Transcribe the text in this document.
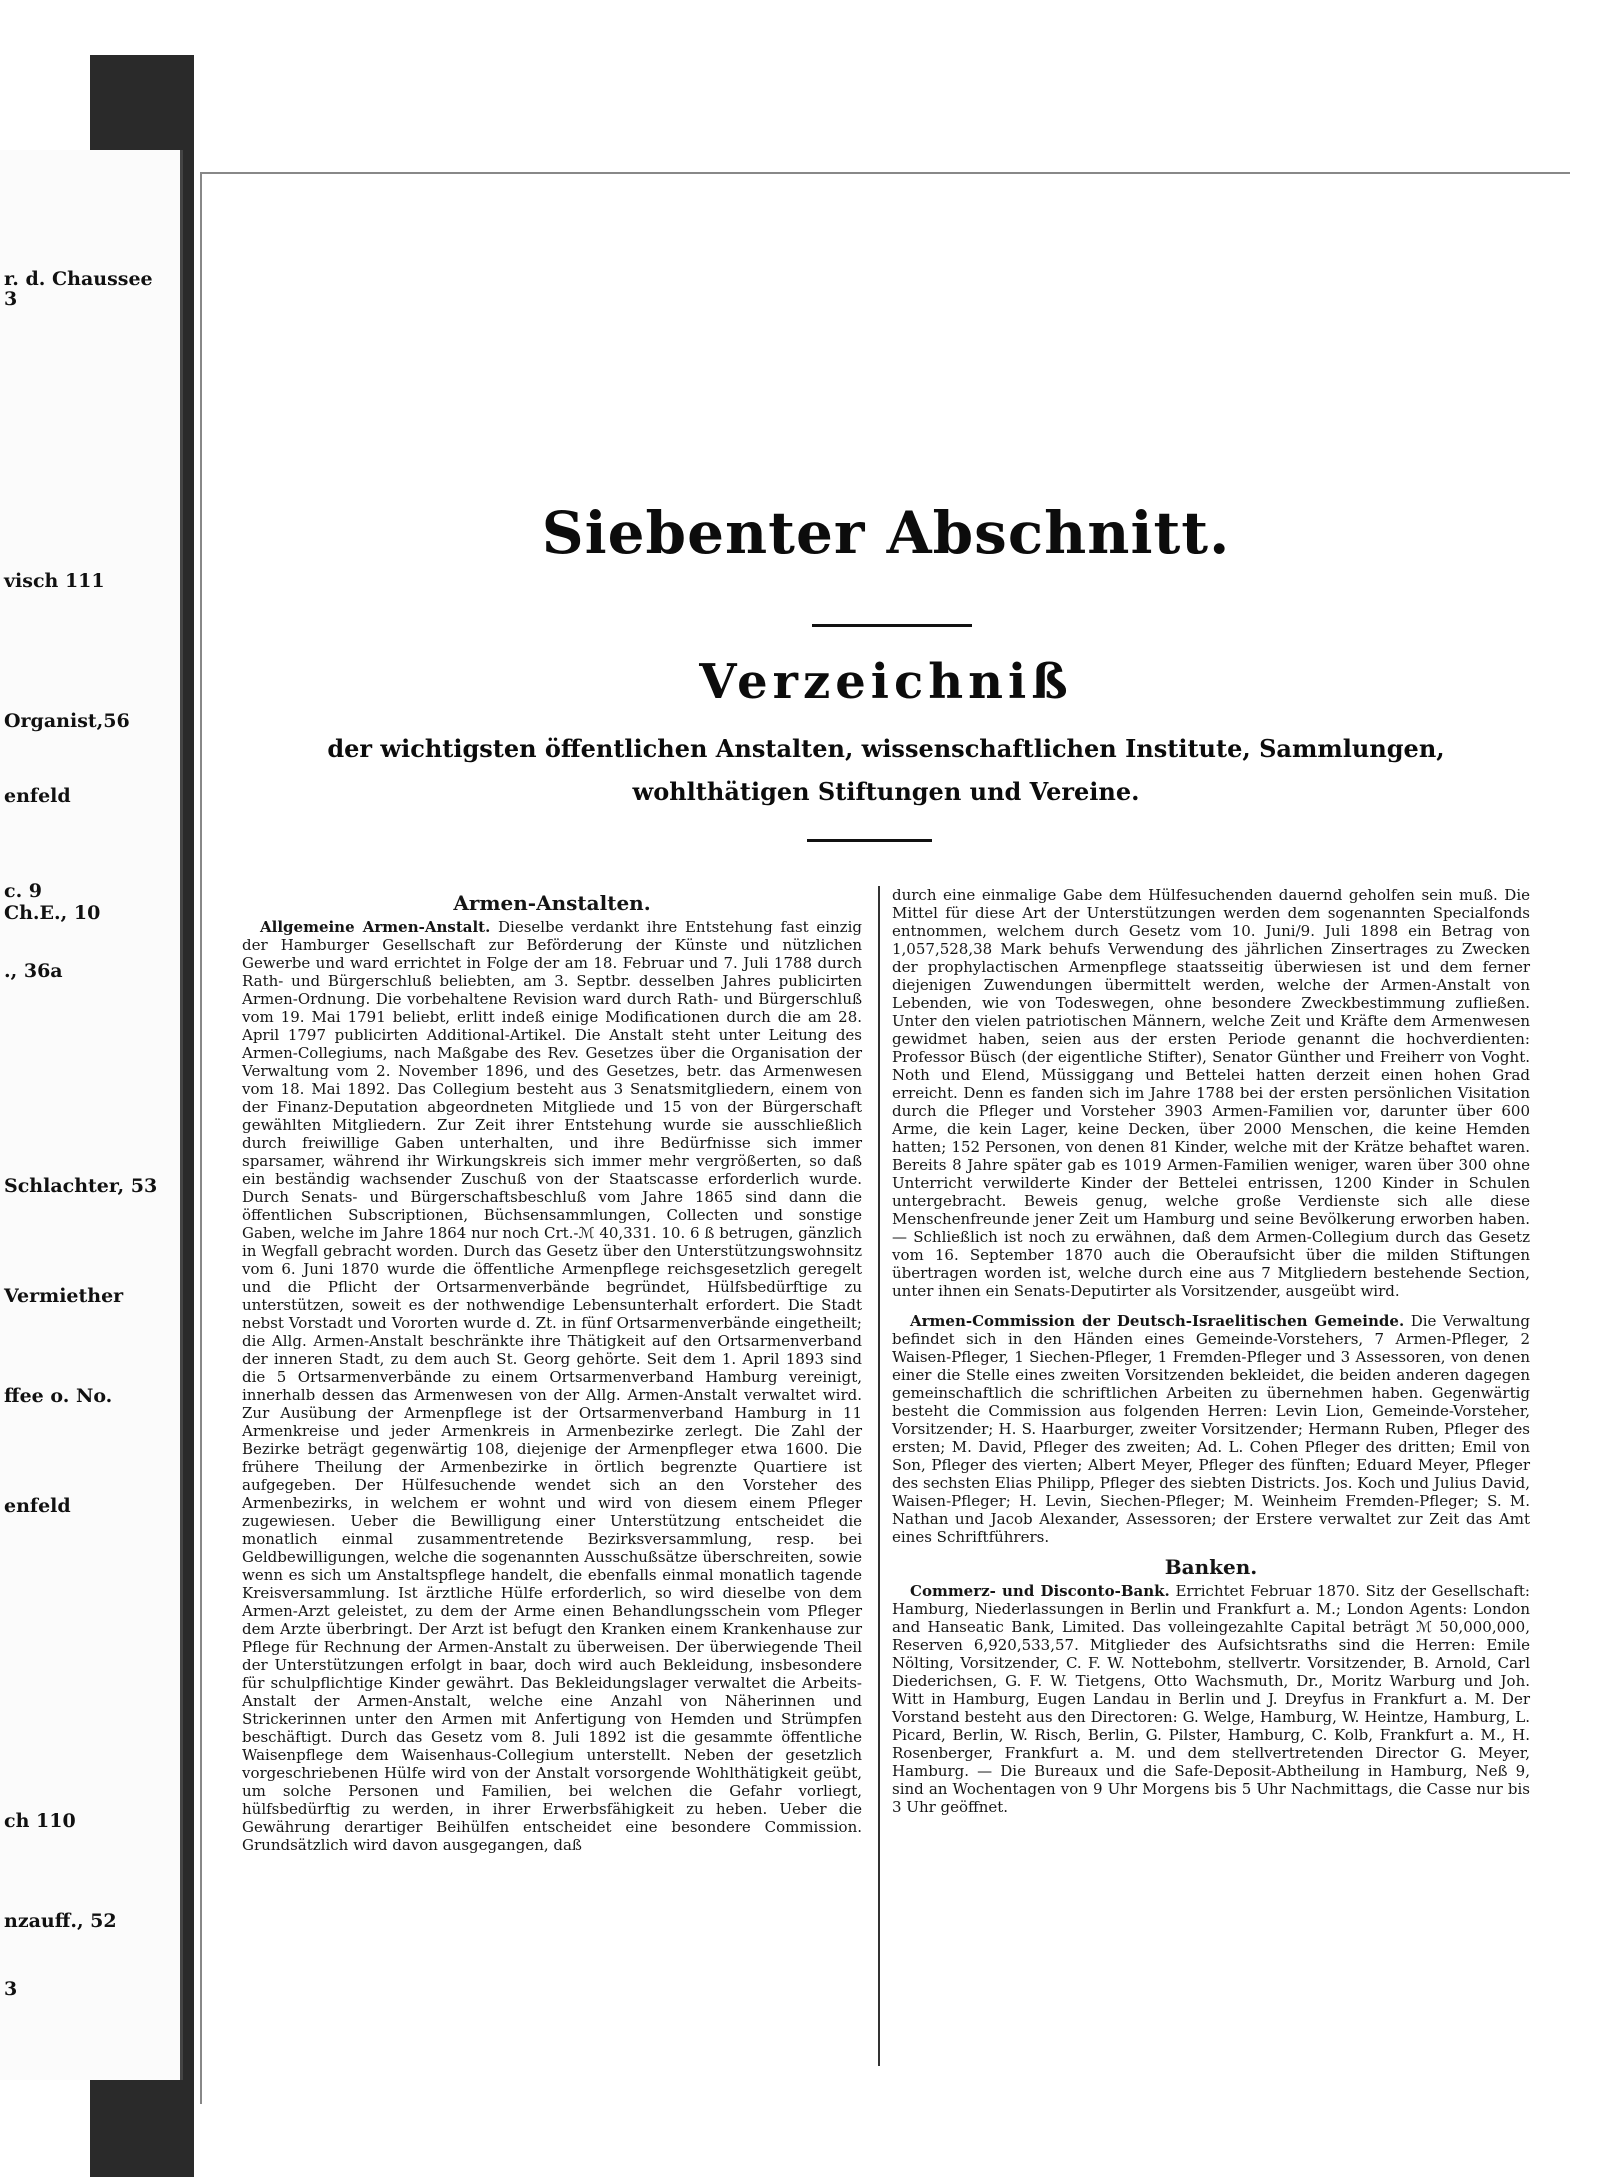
r. d. Chaussee
3
visch 111
Organist,56
enfeld
c. 9
Ch.E., 10
., 36a
Schlachter, 53
Vermiether
ffee o. No.
enfeld
ch 110
nzauff., 52
3
Siebenter Abschnitt.
Verzeichniß
der wichtigsten öffentlichen Anstalten, wissenschaftlichen Institute, Sammlungen,
wohlthätigen Stiftungen und Vereine.
Armen-Anstalten.

Allgemeine Armen-Anstalt. Dieselbe verdankt ihre Entstehung fast einzig der Hamburger Gesellschaft zur Beförderung der Künste und nützlichen Gewerbe und ward errichtet in Folge der am 18. Februar und 7. Juli 1788 durch Rath- und Bürgerschluß beliebten, am 3. Septbr. desselben Jahres publicirten Armen-Ordnung. Die vorbehaltene Revision ward durch Rath- und Bürgerschluß vom 19. Mai 1791 beliebt, erlitt indeß einige Modificationen durch die am 28. April 1797 publicirten Additional-Artikel. Die Anstalt steht unter Leitung des Armen-Collegiums, nach Maßgabe des Rev. Gesetzes über die Organisation der Verwaltung vom 2. November 1896, und des Gesetzes, betr. das Armenwesen vom 18. Mai 1892. Das Collegium besteht aus 3 Senatsmitgliedern, einem von der Finanz-Deputation abgeordneten Mitgliede und 15 von der Bürgerschaft gewählten Mitgliedern. Zur Zeit ihrer Entstehung wurde sie ausschließlich durch freiwillige Gaben unterhalten, und ihre Bedürfnisse sich immer sparsamer, während ihr Wirkungskreis sich immer mehr vergrößerten, so daß ein beständig wachsender Zuschuß von der Staatscasse erforderlich wurde. Durch Senats- und Bürgerschaftsbeschluß vom Jahre 1865 sind dann die öffentlichen Subscriptionen, Büchsensammlungen, Collecten und sonstige Gaben, welche im Jahre 1864 nur noch Crt.-ℳ 40,331. 10. 6 ß betrugen, gänzlich in Wegfall gebracht worden. Durch das Gesetz über den Unterstützungswohnsitz vom 6. Juni 1870 wurde die öffentliche Armenpflege reichsgesetzlich geregelt und die Pflicht der Ortsarmenverbände begründet, Hülfsbedürftige zu unterstützen, soweit es der nothwendige Lebensunterhalt erfordert. Die Stadt nebst Vorstadt und Vororten wurde d. Zt. in fünf Ortsarmenverbände eingetheilt; die Allg. Armen-Anstalt beschränkte ihre Thätigkeit auf den Ortsarmenverband der inneren Stadt, zu dem auch St. Georg gehörte. Seit dem 1. April 1893 sind die 5 Ortsarmenverbände zu einem Ortsarmenverband Hamburg vereinigt, innerhalb dessen das Armenwesen von der Allg. Armen-Anstalt verwaltet wird. Zur Ausübung der Armenpflege ist der Ortsarmenverband Hamburg in 11 Armenkreise und jeder Armenkreis in Armenbezirke zerlegt. Die Zahl der Bezirke beträgt gegenwärtig 108, diejenige der Armenpfleger etwa 1600. Die frühere Theilung der Armenbezirke in örtlich begrenzte Quartiere ist aufgegeben. Der Hülfesuchende wendet sich an den Vorsteher des Armenbezirks, in welchem er wohnt und wird von diesem einem Pfleger zugewiesen. Ueber die Bewilligung einer Unterstützung entscheidet die monatlich einmal zusammentretende Bezirksversammlung, resp. bei Geldbewilligungen, welche die sogenannten Ausschußsätze überschreiten, sowie wenn es sich um Anstaltspflege handelt, die ebenfalls einmal monatlich tagende Kreisversammlung. Ist ärztliche Hülfe erforderlich, so wird dieselbe von dem Armen-Arzt geleistet, zu dem der Arme einen Behandlungsschein vom Pfleger dem Arzte überbringt. Der Arzt ist befugt den Kranken einem Krankenhause zur Pflege für Rechnung der Armen-Anstalt zu überweisen. Der überwiegende Theil der Unterstützungen erfolgt in baar, doch wird auch Bekleidung, insbesondere für schulpflichtige Kinder gewährt. Das Bekleidungslager verwaltet die Arbeits-Anstalt der Armen-Anstalt, welche eine Anzahl von Näherinnen und Strickerinnen unter den Armen mit Anfertigung von Hemden und Strümpfen beschäftigt. Durch das Gesetz vom 8. Juli 1892 ist die gesammte öffentliche Waisenpflege dem Waisenhaus-Collegium unterstellt. Neben der gesetzlich vorgeschriebenen Hülfe wird von der Anstalt vorsorgende Wohlthätigkeit geübt, um solche Personen und Familien, bei welchen die Gefahr vorliegt, hülfsbedürftig zu werden, in ihrer Erwerbsfähigkeit zu heben. Ueber die Gewährung derartiger Beihülfen entscheidet eine besondere Commission. Grundsätzlich wird davon ausgegangen, daß

durch eine einmalige Gabe dem Hülfesuchenden dauernd geholfen sein muß. Die Mittel für diese Art der Unterstützungen werden dem sogenannten Specialfonds entnommen, welchem durch Gesetz vom 10. Juni/9. Juli 1898 ein Betrag von 1,057,528,38 Mark behufs Verwendung des jährlichen Zinsertrages zu Zwecken der prophylactischen Armenpflege staatsseitig überwiesen ist und dem ferner diejenigen Zuwendungen übermittelt werden, welche der Armen-Anstalt von Lebenden, wie von Todeswegen, ohne besondere Zweckbestimmung zufließen. Unter den vielen patriotischen Männern, welche Zeit und Kräfte dem Armenwesen gewidmet haben, seien aus der ersten Periode genannt die hochverdienten: Professor Büsch (der eigentliche Stifter), Senator Günther und Freiherr von Voght. Noth und Elend, Müssiggang und Bettelei hatten derzeit einen hohen Grad erreicht. Denn es fanden sich im Jahre 1788 bei der ersten persönlichen Visitation durch die Pfleger und Vorsteher 3903 Armen-Familien vor, darunter über 600 Arme, die kein Lager, keine Decken, über 2000 Menschen, die keine Hemden hatten; 152 Personen, von denen 81 Kinder, welche mit der Krätze behaftet waren. Bereits 8 Jahre später gab es 1019 Armen-Familien weniger, waren über 300 ohne Unterricht verwilderte Kinder der Bettelei entrissen, 1200 Kinder in Schulen untergebracht. Beweis genug, welche große Verdienste sich alle diese Menschenfreunde jener Zeit um Hamburg und seine Bevölkerung erworben haben. — Schließlich ist noch zu erwähnen, daß dem Armen-Collegium durch das Gesetz vom 16. September 1870 auch die Oberaufsicht über die milden Stiftungen übertragen worden ist, welche durch eine aus 7 Mitgliedern bestehende Section, unter ihnen ein Senats-Deputirter als Vorsitzender, ausgeübt wird.

Armen-Commission der Deutsch-Israelitischen Gemeinde. Die Verwaltung befindet sich in den Händen eines Gemeinde-Vorstehers, 7 Armen-Pfleger, 2 Waisen-Pfleger, 1 Siechen-Pfleger, 1 Fremden-Pfleger und 3 Assessoren, von denen einer die Stelle eines zweiten Vorsitzenden bekleidet, die beiden anderen dagegen gemeinschaftlich die schriftlichen Arbeiten zu übernehmen haben. Gegenwärtig besteht die Commission aus folgenden Herren: Levin Lion, Gemeinde-Vorsteher, Vorsitzender; H. S. Haarburger, zweiter Vorsitzender; Hermann Ruben, Pfleger des ersten; M. David, Pfleger des zweiten; Ad. L. Cohen Pfleger des dritten; Emil von Son, Pfleger des vierten; Albert Meyer, Pfleger des fünften; Eduard Meyer, Pfleger des sechsten Elias Philipp, Pfleger des siebten Districts. Jos. Koch und Julius David, Waisen-Pfleger; H. Levin, Siechen-Pfleger; M. Weinheim Fremden-Pfleger; S. M. Nathan und Jacob Alexander, Assessoren; der Erstere verwaltet zur Zeit das Amt eines Schriftführers.

Banken.

Commerz- und Disconto-Bank. Errichtet Februar 1870. Sitz der Gesellschaft: Hamburg, Niederlassungen in Berlin und Frankfurt a. M.; London Agents: London and Hanseatic Bank, Limited. Das volleingezahlte Capital beträgt ℳ 50,000,000, Reserven 6,920,533,57. Mitglieder des Aufsichtsraths sind die Herren: Emile Nölting, Vorsitzender, C. F. W. Nottebohm, stellvertr. Vorsitzender, B. Arnold, Carl Diederichsen, G. F. W. Tietgens, Otto Wachsmuth, Dr., Moritz Warburg und Joh. Witt in Hamburg, Eugen Landau in Berlin und J. Dreyfus in Frankfurt a. M. Der Vorstand besteht aus den Directoren: G. Welge, Hamburg, W. Heintze, Hamburg, L. Picard, Berlin, W. Risch, Berlin, G. Pilster, Hamburg, C. Kolb, Frankfurt a. M., H. Rosenberger, Frankfurt a. M. und dem stellvertretenden Director G. Meyer, Hamburg. — Die Bureaux und die Safe-Deposit-Abtheilung in Hamburg, Neß 9, sind an Wochentagen von 9 Uhr Morgens bis 5 Uhr Nachmittags, die Casse nur bis 3 Uhr geöffnet.
